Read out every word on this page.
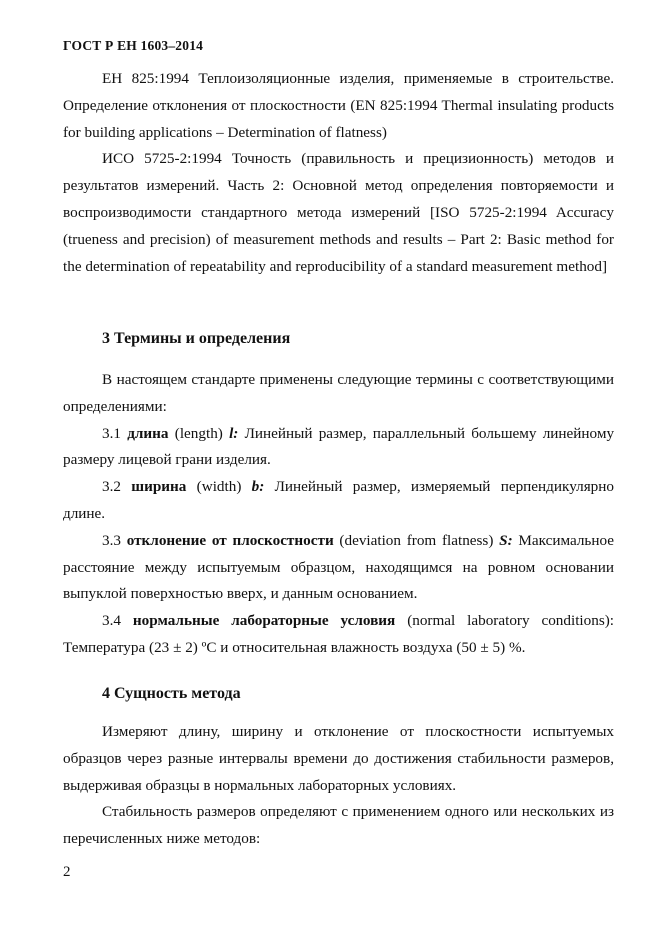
ГОСТ Р ЕН 1603–2014

ЕН 825:1994 Теплоизоляционные изделия, применяемые в строительстве. Определение отклонения от плоскостности (EN 825:1994 Thermal insulating products for building applications – Determination of flatness)

ИСО 5725-2:1994 Точность (правильность и прецизионность) методов и результатов измерений. Часть 2: Основной метод определения повторяемости и воспроизводимости стандартного метода измерений [ISO 5725-2:1994 Accuracy (trueness and precision) of measurement methods and results – Part 2: Basic method for the determination of repeatability and reproducibility of a standard measurement method]

3 Термины и определения

В настоящем стандарте применены следующие термины с соответствующими определениями:

3.1 длина (length) l: Линейный размер, параллельный большему линейному размеру лицевой грани изделия.

3.2 ширина (width) b: Линейный размер, измеряемый перпендикулярно длине.

3.3 отклонение от плоскостности (deviation from flatness) S: Максимальное расстояние между испытуемым образцом, находящимся на ровном основании выпуклой поверхностью вверх, и данным основанием.

3.4 нормальные лабораторные условия (normal laboratory conditions): Температура (23 ± 2) ºС и относительная влажность воздуха (50 ± 5) %.

4 Сущность метода

Измеряют длину, ширину и отклонение от плоскостности испытуемых образцов через разные интервалы времени до достижения стабильности размеров, выдерживая образцы в нормальных лабораторных условиях.

Стабильность размеров определяют с применением одного или нескольких из перечисленных ниже методов:

2
